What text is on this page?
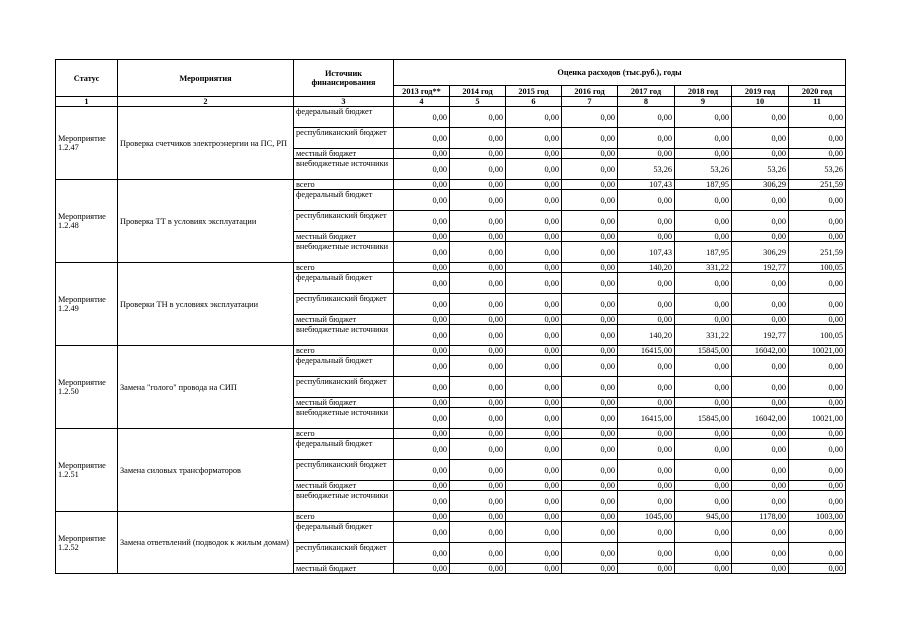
Статус	Мероприятия	Источник финансирования	Оценка расходов (тыс.руб.), годы							
			2013 год**	2014 год	2015 год	2016 год	2017 год	2018 год	2019 год	2020 год
1	2	3	4	5	6	7	8	9	10	11
Мероприятие 1.2.47	Проверка счетчиков электроэнергии на ПС, РП	федеральный бюджет	0,00	0,00	0,00	0,00	0,00	0,00	0,00	0,00
		республиканский бюджет	0,00	0,00	0,00	0,00	0,00	0,00	0,00	0,00
		местный бюджет	0,00	0,00	0,00	0,00	0,00	0,00	0,00	0,00
		внебюджетные источники	0,00	0,00	0,00	0,00	53,26	53,26	53,26	53,26
Мероприятие 1.2.48	Проверка ТТ в условиях эксплуатации	всего	0,00	0,00	0,00	0,00	107,43	187,95	306,29	251,59
		федеральный бюджет	0,00	0,00	0,00	0,00	0,00	0,00	0,00	0,00
		республиканский бюджет	0,00	0,00	0,00	0,00	0,00	0,00	0,00	0,00
		местный бюджет	0,00	0,00	0,00	0,00	0,00	0,00	0,00	0,00
		внебюджетные источники	0,00	0,00	0,00	0,00	107,43	187,95	306,29	251,59
Мероприятие 1.2.49	Проверки ТН в условиях эксплуатации	всего	0,00	0,00	0,00	0,00	140,20	331,22	192,77	100,05
		федеральный бюджет	0,00	0,00	0,00	0,00	0,00	0,00	0,00	0,00
		республиканский бюджет	0,00	0,00	0,00	0,00	0,00	0,00	0,00	0,00
		местный бюджет	0,00	0,00	0,00	0,00	0,00	0,00	0,00	0,00
		внебюджетные источники	0,00	0,00	0,00	0,00	140,20	331,22	192,77	100,05
Мероприятие 1.2.50	Замена "голого" провода на СИП	всего	0,00	0,00	0,00	0,00	16415,00	15845,00	16042,00	10021,00
		федеральный бюджет	0,00	0,00	0,00	0,00	0,00	0,00	0,00	0,00
		республиканский бюджет	0,00	0,00	0,00	0,00	0,00	0,00	0,00	0,00
		местный бюджет	0,00	0,00	0,00	0,00	0,00	0,00	0,00	0,00
		внебюджетные источники	0,00	0,00	0,00	0,00	16415,00	15845,00	16042,00	10021,00
Мероприятие 1.2.51	Замена силовых трансформаторов	всего	0,00	0,00	0,00	0,00	0,00	0,00	0,00	0,00
		федеральный бюджет	0,00	0,00	0,00	0,00	0,00	0,00	0,00	0,00
		республиканский бюджет	0,00	0,00	0,00	0,00	0,00	0,00	0,00	0,00
		местный бюджет	0,00	0,00	0,00	0,00	0,00	0,00	0,00	0,00
		внебюджетные источники	0,00	0,00	0,00	0,00	0,00	0,00	0,00	0,00
Мероприятие 1.2.52	Замена ответвлений (подводок к жилым домам)	всего	0,00	0,00	0,00	0,00	1045,00	945,00	1178,00	1003,00
		федеральный бюджет	0,00	0,00	0,00	0,00	0,00	0,00	0,00	0,00
		республиканский бюджет	0,00	0,00	0,00	0,00	0,00	0,00	0,00	0,00
		местный бюджет	0,00	0,00	0,00	0,00	0,00	0,00	0,00	0,00
